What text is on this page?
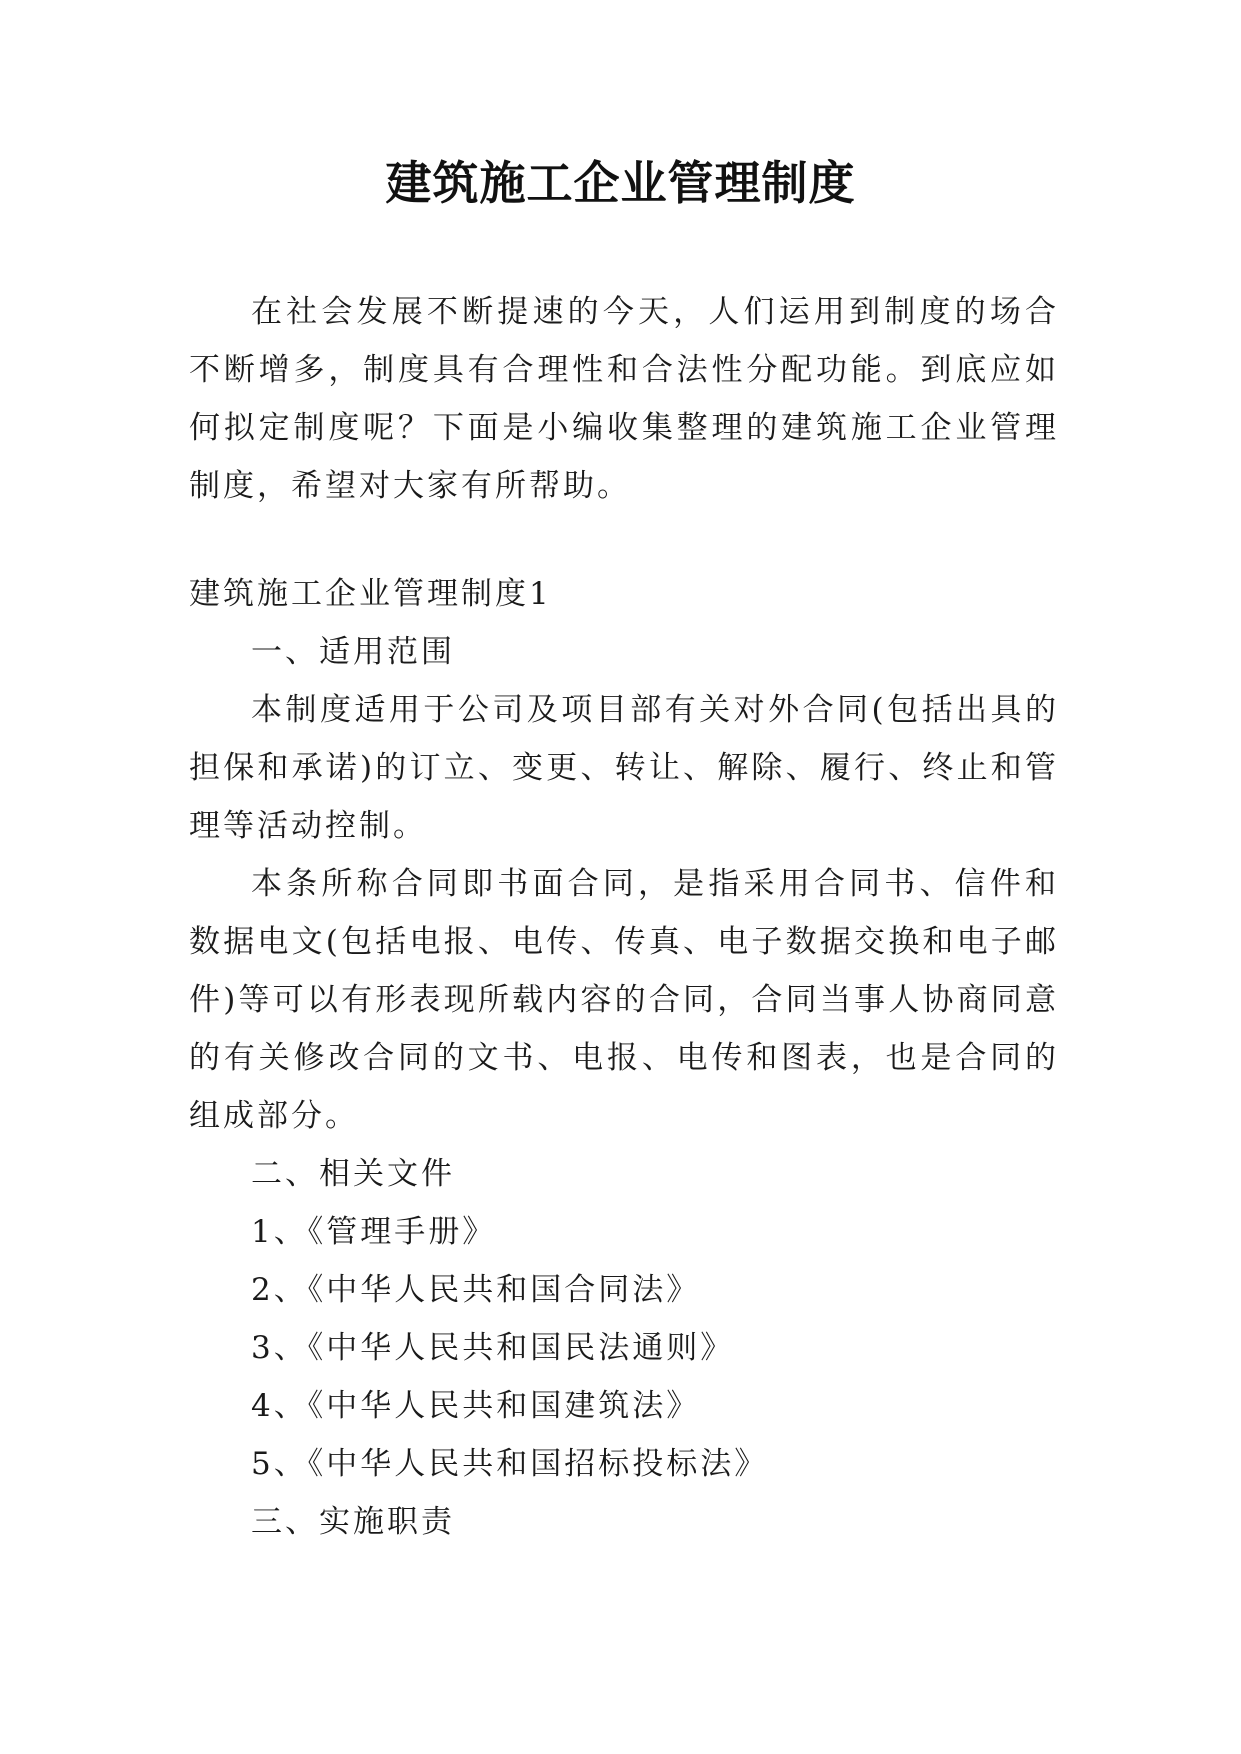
建筑施工企业管理制度

在社会发展不断提速的今天，人们运用到制度的场合不断增多，制度具有合理性和合法性分配功能。到底应如何拟定制度呢？下面是小编收集整理的建筑施工企业管理制度，希望对大家有所帮助。

建筑施工企业管理制度1

一、适用范围

本制度适用于公司及项目部有关对外合同(包括出具的担保和承诺)的订立、变更、转让、解除、履行、终止和管理等活动控制。

本条所称合同即书面合同，是指采用合同书、信件和数据电文(包括电报、电传、传真、电子数据交换和电子邮件)等可以有形表现所载内容的合同，合同当事人协商同意的有关修改合同的文书、电报、电传和图表，也是合同的组成部分。

二、相关文件

1、《管理手册》

2、《中华人民共和国合同法》

3、《中华人民共和国民法通则》

4、《中华人民共和国建筑法》

5、《中华人民共和国招标投标法》

三、实施职责
